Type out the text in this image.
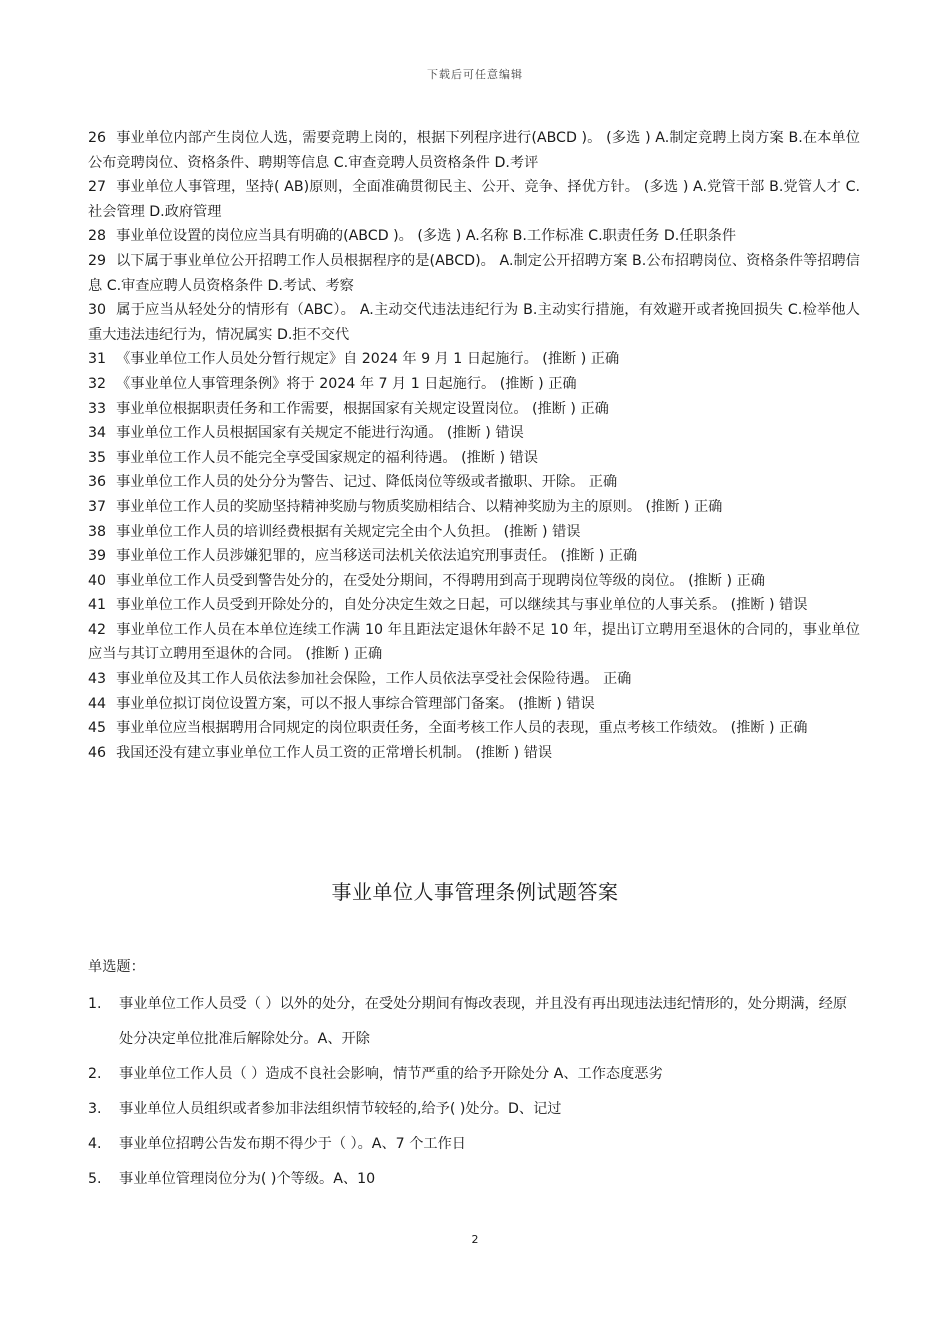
下载后可任意编辑

26 事业单位内部产生岗位人选，需要竞聘上岗的，根据下列程序进行(ABCD )。 (多选 ) A.制定竞聘上岗方案 B.在本单位公布竞聘岗位、资格条件、聘期等信息 C.审查竞聘人员资格条件 D.考评

27 事业单位人事管理，坚持( AB)原则，全面准确贯彻民主、公开、竞争、择优方针。 (多选 ) A.党管干部 B.党管人才 C.社会管理 D.政府管理

28 事业单位设置的岗位应当具有明确的(ABCD )。 (多选 ) A.名称 B.工作标准 C.职责任务 D.任职条件

29 以下属于事业单位公开招聘工作人员根据程序的是(ABCD)。 A.制定公开招聘方案 B.公布招聘岗位、资格条件等招聘信息 C.审查应聘人员资格条件 D.考试、考察

30 属于应当从轻处分的情形有（ABC）。 A.主动交代违法违纪行为 B.主动实行措施，有效避开或者挽回损失 C.检举他人重大违法违纪行为，情况属实 D.拒不交代

31 《事业单位工作人员处分暂行规定》自 2024 年 9 月 1 日起施行。 (推断 ) 正确

32 《事业单位人事管理条例》将于 2024 年 7 月 1 日起施行。 (推断 ) 正确

33 事业单位根据职责任务和工作需要，根据国家有关规定设置岗位。 (推断 ) 正确

34 事业单位工作人员根据国家有关规定不能进行沟通。 (推断 ) 错误

35 事业单位工作人员不能完全享受国家规定的福利待遇。 (推断 ) 错误

36 事业单位工作人员的处分分为警告、记过、降低岗位等级或者撤职、开除。 正确

37 事业单位工作人员的奖励坚持精神奖励与物质奖励相结合、以精神奖励为主的原则。 (推断 ) 正确

38 事业单位工作人员的培训经费根据有关规定完全由个人负担。 (推断 ) 错误

39 事业单位工作人员涉嫌犯罪的，应当移送司法机关依法追究刑事责任。 (推断 ) 正确

40 事业单位工作人员受到警告处分的，在受处分期间，不得聘用到高于现聘岗位等级的岗位。 (推断 ) 正确

41 事业单位工作人员受到开除处分的，自处分决定生效之日起，可以继续其与事业单位的人事关系。 (推断 ) 错误

42 事业单位工作人员在本单位连续工作满 10 年且距法定退休年龄不足 10 年，提出订立聘用至退休的合同的，事业单位应当与其订立聘用至退休的合同。 (推断 ) 正确

43 事业单位及其工作人员依法参加社会保险，工作人员依法享受社会保险待遇。 正确

44 事业单位拟订岗位设置方案，可以不报人事综合管理部门备案。 (推断 ) 错误

45 事业单位应当根据聘用合同规定的岗位职责任务，全面考核工作人员的表现，重点考核工作绩效。 (推断 ) 正确

46 我国还没有建立事业单位工作人员工资的正常增长机制。 (推断 ) 错误

事业单位人事管理条例试题答案
单选题：
1. 事业单位工作人员受（ ）以外的处分，在受处分期间有悔改表现，并且没有再出现违法违纪情形的，处分期满，经原处分决定单位批准后解除处分。A、开除
2. 事业单位工作人员（ ）造成不良社会影响，情节严重的给予开除处分 A、工作态度恶劣
3. 事业单位人员组织或者参加非法组织情节较轻的,给予( )处分。D、记过
4. 事业单位招聘公告发布期不得少于（ ）。A、7 个工作日
5. 事业单位管理岗位分为( )个等级。A、10
2
